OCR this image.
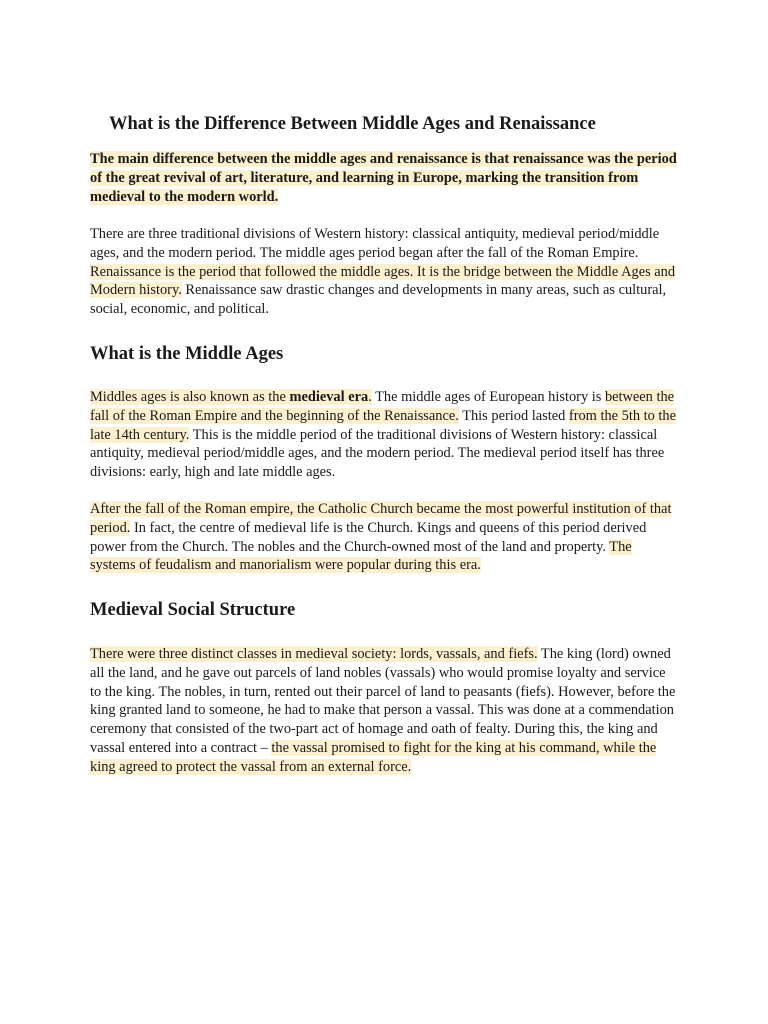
What is the Difference Between Middle Ages and Renaissance

The main difference between the middle ages and renaissance is that renaissance was the period of the great revival of art, literature, and learning in Europe, marking the transition from medieval to the modern world.

There are three traditional divisions of Western history: classical antiquity, medieval period/middle ages, and the modern period. The middle ages period began after the fall of the Roman Empire. Renaissance is the period that followed the middle ages. It is the bridge between the Middle Ages and Modern history. Renaissance saw drastic changes and developments in many areas, such as cultural, social, economic, and political.

What is the Middle Ages

Middles ages is also known as the medieval era. The middle ages of European history is between the fall of the Roman Empire and the beginning of the Renaissance. This period lasted from the 5th to the late 14th century. This is the middle period of the traditional divisions of Western history: classical antiquity, medieval period/middle ages, and the modern period. The medieval period itself has three divisions: early, high and late middle ages.

After the fall of the Roman empire, the Catholic Church became the most powerful institution of that period. In fact, the centre of medieval life is the Church. Kings and queens of this period derived power from the Church. The nobles and the Church-owned most of the land and property. The systems of feudalism and manorialism were popular during this era.

Medieval Social Structure

There were three distinct classes in medieval society: lords, vassals, and fiefs. The king (lord) owned all the land, and he gave out parcels of land nobles (vassals) who would promise loyalty and service to the king. The nobles, in turn, rented out their parcel of land to peasants (fiefs). However, before the king granted land to someone, he had to make that person a vassal. This was done at a commendation ceremony that consisted of the two-part act of homage and oath of fealty. During this, the king and vassal entered into a contract – the vassal promised to fight for the king at his command, while the king agreed to protect the vassal from an external force.
